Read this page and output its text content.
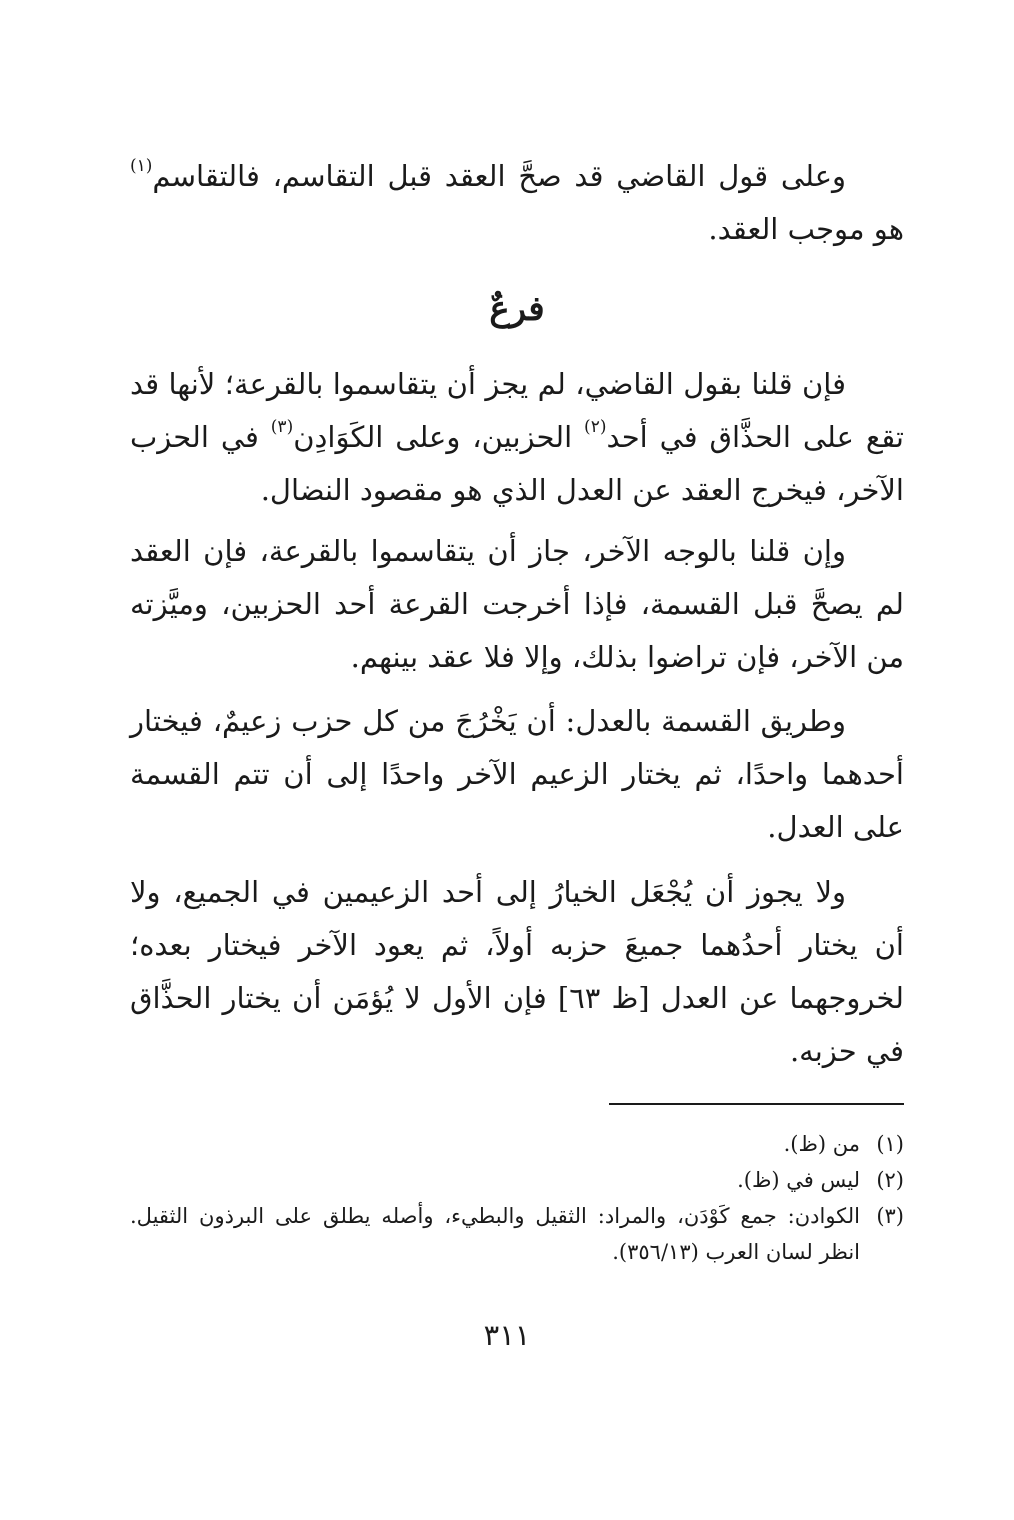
وعلى قول القاضي قد صحَّ العقد قبل التقاسم، فالتقاسم$^{(١)}$ هو موجب العقد.
فرعٌ
فإن قلنا بقول القاضي، لم يجز أن يتقاسموا بالقرعة؛ لأنها قد تقع على الحذَّاق في أحد$^{(٢)}$ الحزبين، وعلى الكَوَادِن$^{(٣)}$ في الحزب الآخر، فيخرج العقد عن العدل الذي هو مقصود النضال.
وإن قلنا بالوجه الآخر، جاز أن يتقاسموا بالقرعة، فإن العقد لم يصحَّ قبل القسمة، فإذا أخرجت القرعة أحد الحزبين، وميَّزته من الآخر، فإن تراضوا بذلك، وإلا فلا عقد بينهم.
وطريق القسمة بالعدل: أن يَخْرُجَ من كل حزب زعيمٌ، فيختار أحدهما واحدًا، ثم يختار الزعيم الآخر واحدًا إلى أن تتم القسمة على العدل.
ولا يجوز أن يُجْعَل الخيارُ إلى أحد الزعيمين في الجميع، ولا أن يختار أحدُهما جميعَ حزبه أولاً، ثم يعود الآخر فيختار بعده؛ لخروجهما عن العدل [ظ ٦٣] فإن الأول لا يُؤمَن أن يختار الحذَّاق في حزبه.
(١)
من (ظ).
(٢)
ليس في (ظ).
(٣)
الكوادن: جمع كَوْدَن، والمراد: الثقيل والبطيء، وأصله يطلق على البرذون الثقيل. انظر لسان العرب (٣٥٦/١٣).
٣١١
